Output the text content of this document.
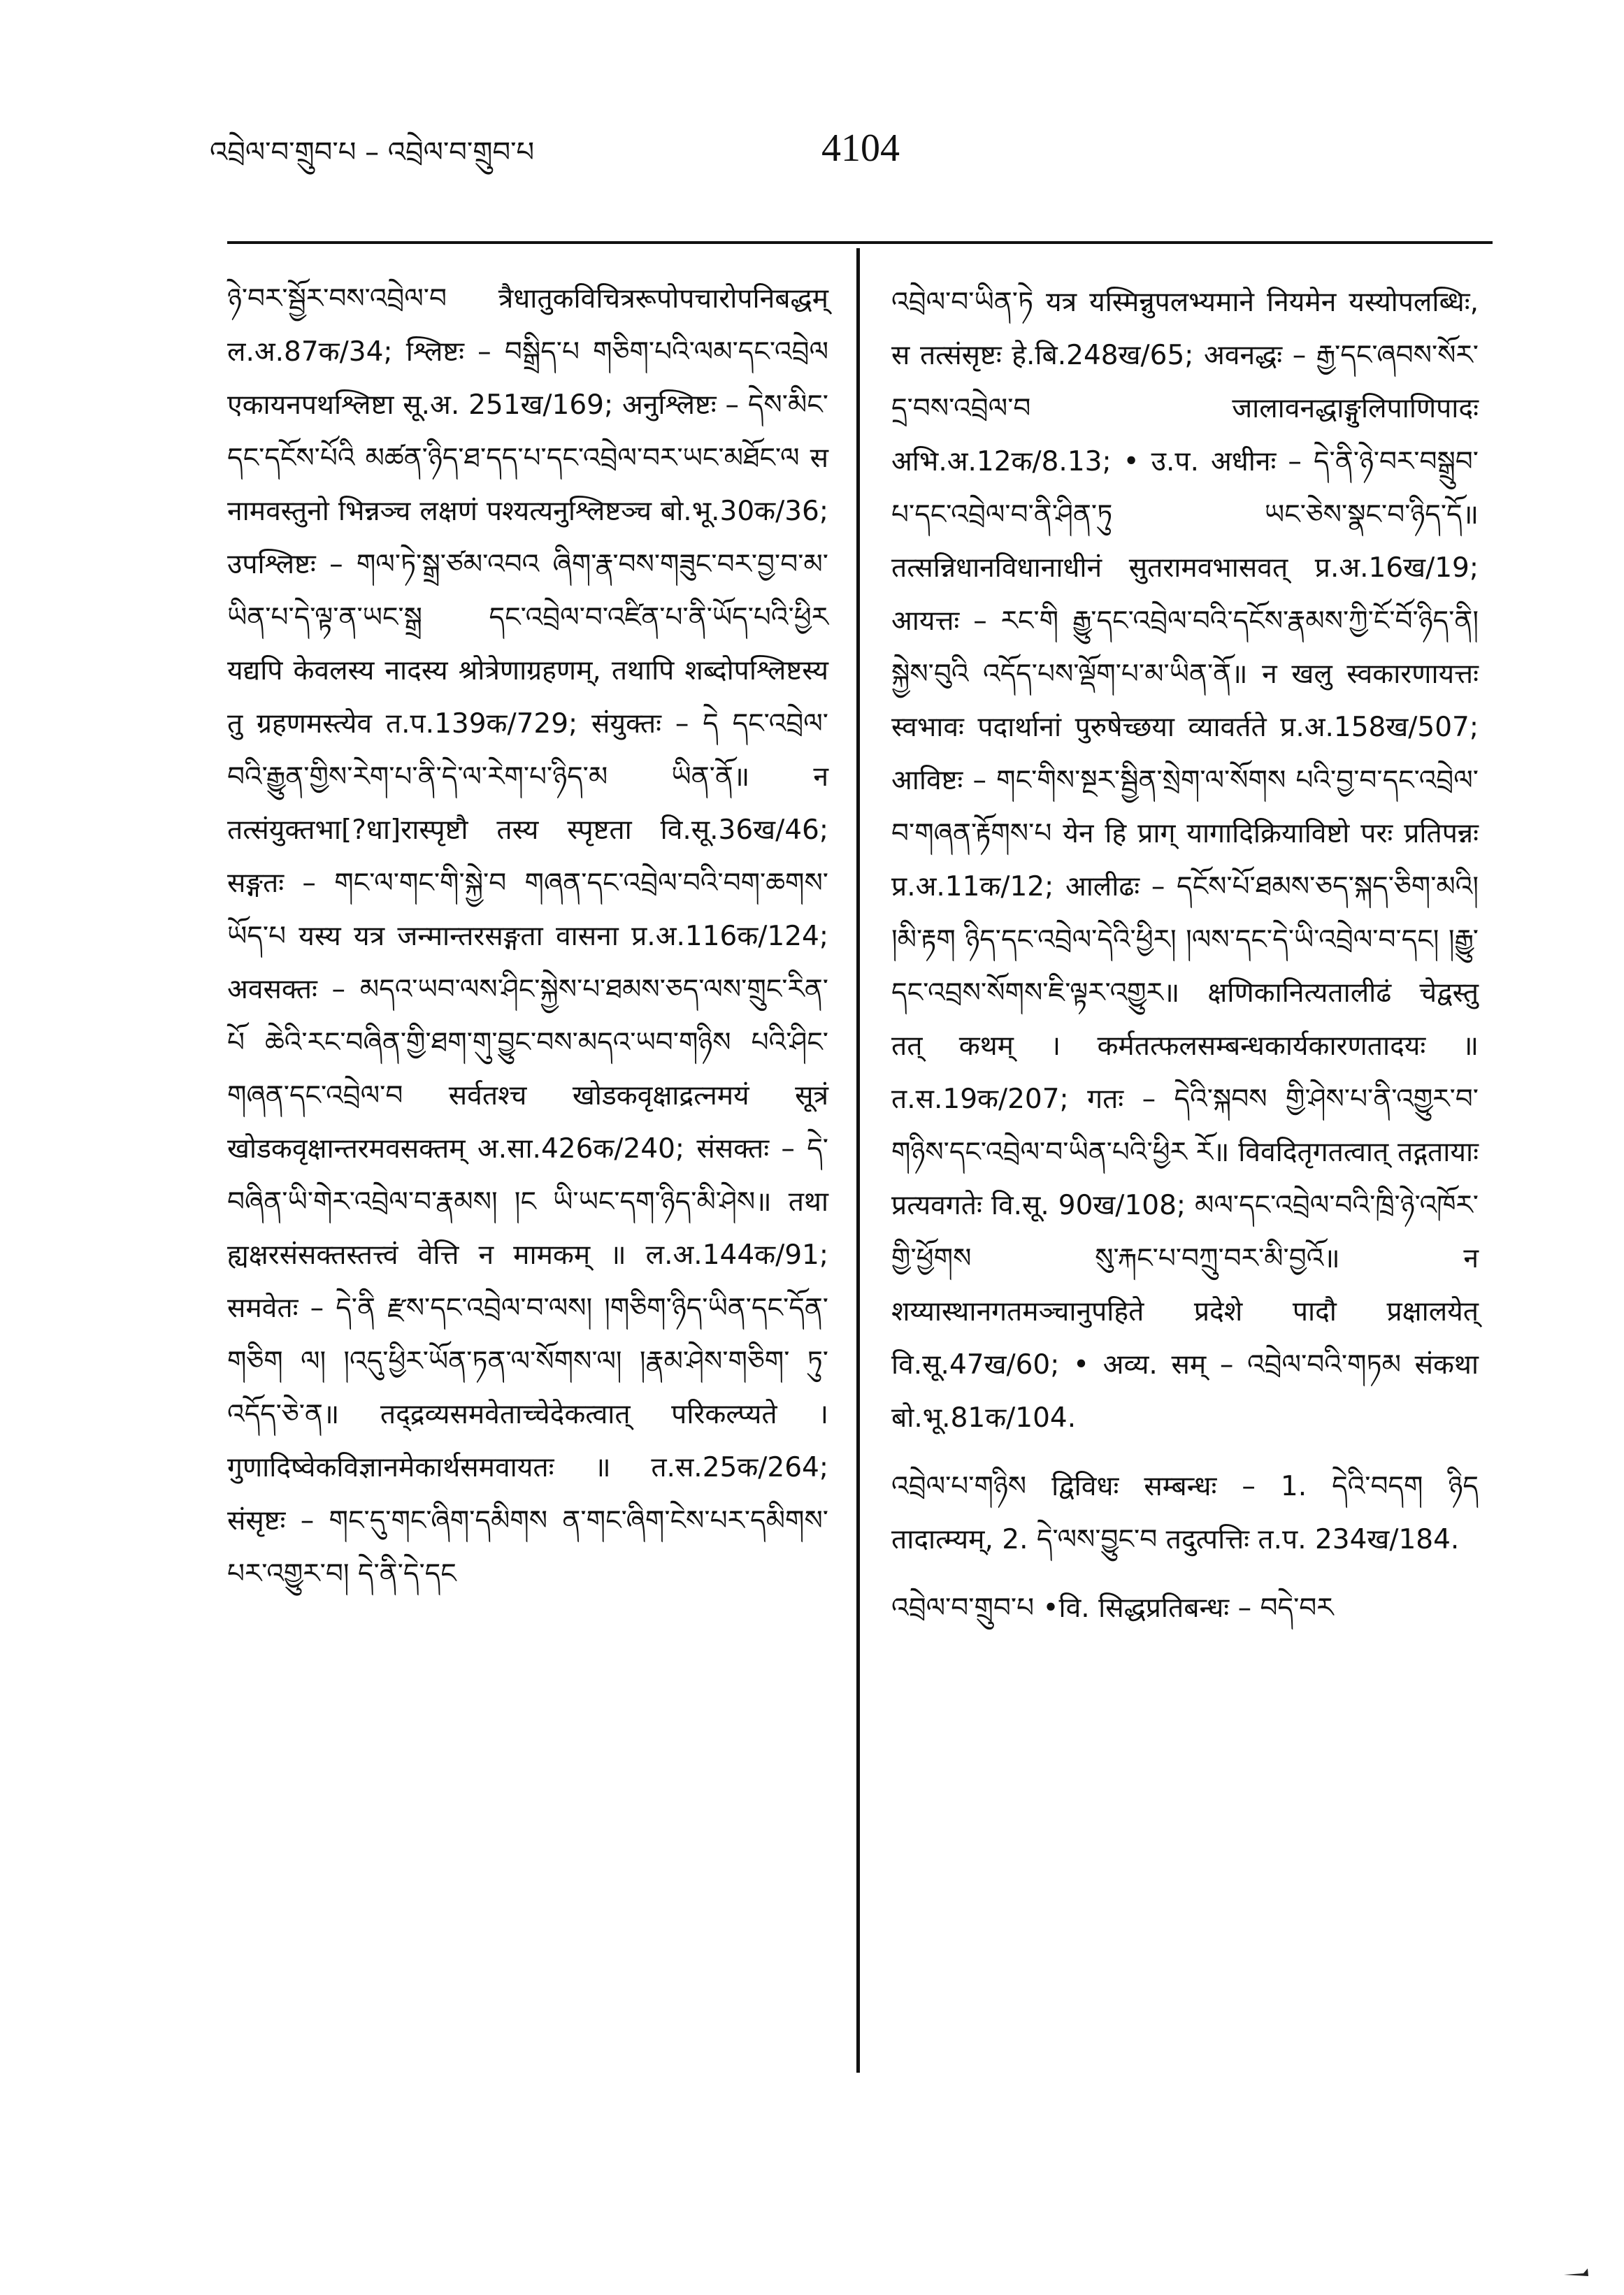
འབྲེལ་བ་གྲུབ་པ – འབྲེལ་བ་གྲུབ་པ	4104

ཉེ་བར་སྦྱོར་བས་འབྲེལ་བ त्रैधातुकविचित्ररूपोपचारोपनिबद्धम् ल.अ.87क/34; श्लिष्टः – བསྒྲིད་པ གཅིག་པའི་ལམ་དང་འབྲེལ एकायनपथश्लिष्टा सू.अ. 251ख/169; अनुश्लिष्टः – དེས་མིང་དང་དངོས་པོའི མཚན་ཉིད་ཐ་དད་པ་དང་འབྲེལ་བར་ཡང་མཐོང་ལ स नामवस्तुनो भिन्नञ्च लक्षणं पश्यत्यनुश्लिष्टञ्च बो.भू.30क/36; उपश्लिष्टः – གལ་ཏེ་སྒྲ་ཙམ་འབའ ཞིག་རྣ་བས་གཟུང་བར་བྱ་བ་མ་ཡིན་པ་དེ་ལྟ་ན་ཡང་སྒྲ དང་འབྲེལ་བ་འཛིན་པ་ནི་ཡོད་པའི་ཕྱིར यद्यपि केवलस्य नादस्य श्रोत्रेणाग्रहणम्, तथापि शब्दोपश्लिष्टस्य तु ग्रहणमस्त्येव त.प.139क/729; संयुक्तः – དེ དང་འབྲེལ་བའི་རྒྱུན་གྱིས་རེག་པ་ནི་དེ་ལ་རེག་པ་ཉིད་མ ཡིན་ནོ॥ न तत्संयुक्तभा[?धा]रास्पृष्टौ तस्य स्पृष्टता वि.सू.36ख/46; सङ्गतः – གང་ལ་གང་གི་སྐྱེ་བ གཞན་དང་འབྲེལ་བའི་བག་ཆགས་ཡོད་པ यस्य यत्र जन्मान्तरसङ्गता वासना प्र.अ.116क/124; अवसक्तः – མདའ་ཡབ་ལས་ཤིང་སྐྱེས་པ་ཐམས་ཅད་ལས་གྲུང་རིན་པོ ཆེའི་རང་བཞིན་གྱི་ཐག་གུ་བྱུང་བས་མདའ་ཡབ་གཉིས པའི་ཤིང་གཞན་དང་འབྲེལ་བ सर्वतश्च खोडकवृक्षाद्रत्नमयं सूत्रं खोडकवृक्षान्तरमवसक्तम् अ.सा.426क/240; संसक्तः – དེ་བཞིན་ཡི་གེར་འབྲེལ་བ་རྣམས། །ང ཡི་ཡང་དག་ཉིད་མི་ཤེས॥ तथा ह्यक्षरसंसक्तस्तत्त्वं वेत्ति न मामकम् ॥ ल.अ.144क/91; समवेतः – དེ་ནི རྫས་དང་འབྲེལ་བ་ལས། །གཅིག་ཉིད་ཡིན་དང་དོན་གཅིག ལ། །འདུ་ཕྱིར་ཡོན་ཏན་ལ་སོགས་ལ། །རྣམ་ཤེས་གཅིག་ ཏུ་འདོད་ཅེ་ན॥ तद्द्रव्यसमवेताच्चेदेकत्वात् परिकल्प्यते । गुणादिष्वेकविज्ञानमेकार्थसमवायतः ॥ त.स.25क/264; संसृष्टः – གང་དུ་གང་ཞིག་དམིགས ན་གང་ཞིག་ངེས་པར་དམིགས་པར་འགྱུར་བ། དེ་ནི་དེ་དང

འབྲེལ་བ་ཡིན་ཏེ यत्र यस्मिन्नुपलभ्यमाने नियमेन यस्योपलब्धिः, स तत्संसृष्टः हे.बि.248ख/65; अवनद्धः – རྒྱ་དང་ཞབས་སོར་དྲ་བས་འབྲེལ་བ जालावनद्धाङ्गुलिपाणिपादः अभि.अ.12क/8.13; • उ.प. अधीनः – དེ་ནི་ཉེ་བར་བསྒྲུབ་པ་དང་འབྲེལ་བ་ནི་ཤིན་ཏུ ཡང་ཅེས་སྣང་བ་ཉིད་དོ॥ तत्सन्निधानविधानाधीनं सुतरामवभासवत् प्र.अ.16ख/19; आयत्तः – རང་གི རྒྱུ་དང་འབྲེལ་བའི་དངོས་རྣམས་ཀྱི་ངོ་བོ་ཉིད་ནི། སྐྱེས་བུའི འདོད་པས་ལྡོག་པ་མ་ཡིན་ནོ॥ न खलु स्वकारणायत्तः स्वभावः पदार्थानां पुरुषेच्छया व्यावर्तते प्र.अ.158ख/507; आविष्टः – གང་གིས་སྔར་སྦྱིན་སྲེག་ལ་སོགས པའི་བྱ་བ་དང་འབྲེལ་བ་གཞན་རྟོགས་པ येन हि प्राग् यागादिक्रियाविष्टो परः प्रतिपन्नः प्र.अ.11क/12; आलीढः – དངོས་པོ་ཐམས་ཅད་སྐད་ཅིག་མའི། །མི་རྟག ཉིད་དང་འབྲེལ་དེའི་ཕྱིར། །ལས་དང་དེ་ཡི་འབྲེལ་བ་དང། །རྒྱུ་དང་འབྲས་སོགས་ཇི་ལྟར་འགྱུར॥ क्षणिकानित्यतालीढं चेद्वस्तु तत् कथम् । कर्मतत्फलसम्बन्धकार्यकारणतादयः ॥ त.स.19क/207; गतः – དེའི་སྐབས གྱི་ཤེས་པ་ནི་འགྱུར་བ་གཉིས་དང་འབྲེལ་བ་ཡིན་པའི་ཕྱིར རོ॥ विवदितृगतत्वात् तद्गतायाः प्रत्यवगतेः वि.सू. 90ख/108; མལ་དང་འབྲེལ་བའི་ཁྲི་ཉེ་འཁོར་གྱི་ཕྱོགས སུ་རྐང་པ་བཀྲུ་བར་མི་བྱའོ॥ न शय्यास्थानगतमञ्चानुपहिते प्रदेशे पादौ प्रक्षालयेत् वि.सू.47ख/60; • अव्य. सम् – འབྲེལ་བའི་གཏམ संकथा बो.भू.81क/104.

འབྲེལ་པ་གཉིས द्विविधः सम्बन्धः – 1. དེའི་བདག ཉིད तादात्म्यम्, 2. དེ་ལས་བྱུང་བ तदुत्पत्तिः त.प. 234ख/184.

འབྲེལ་བ་གྲུབ་པ •वि. सिद्धप्रतिबन्धः – བདེ་བར
